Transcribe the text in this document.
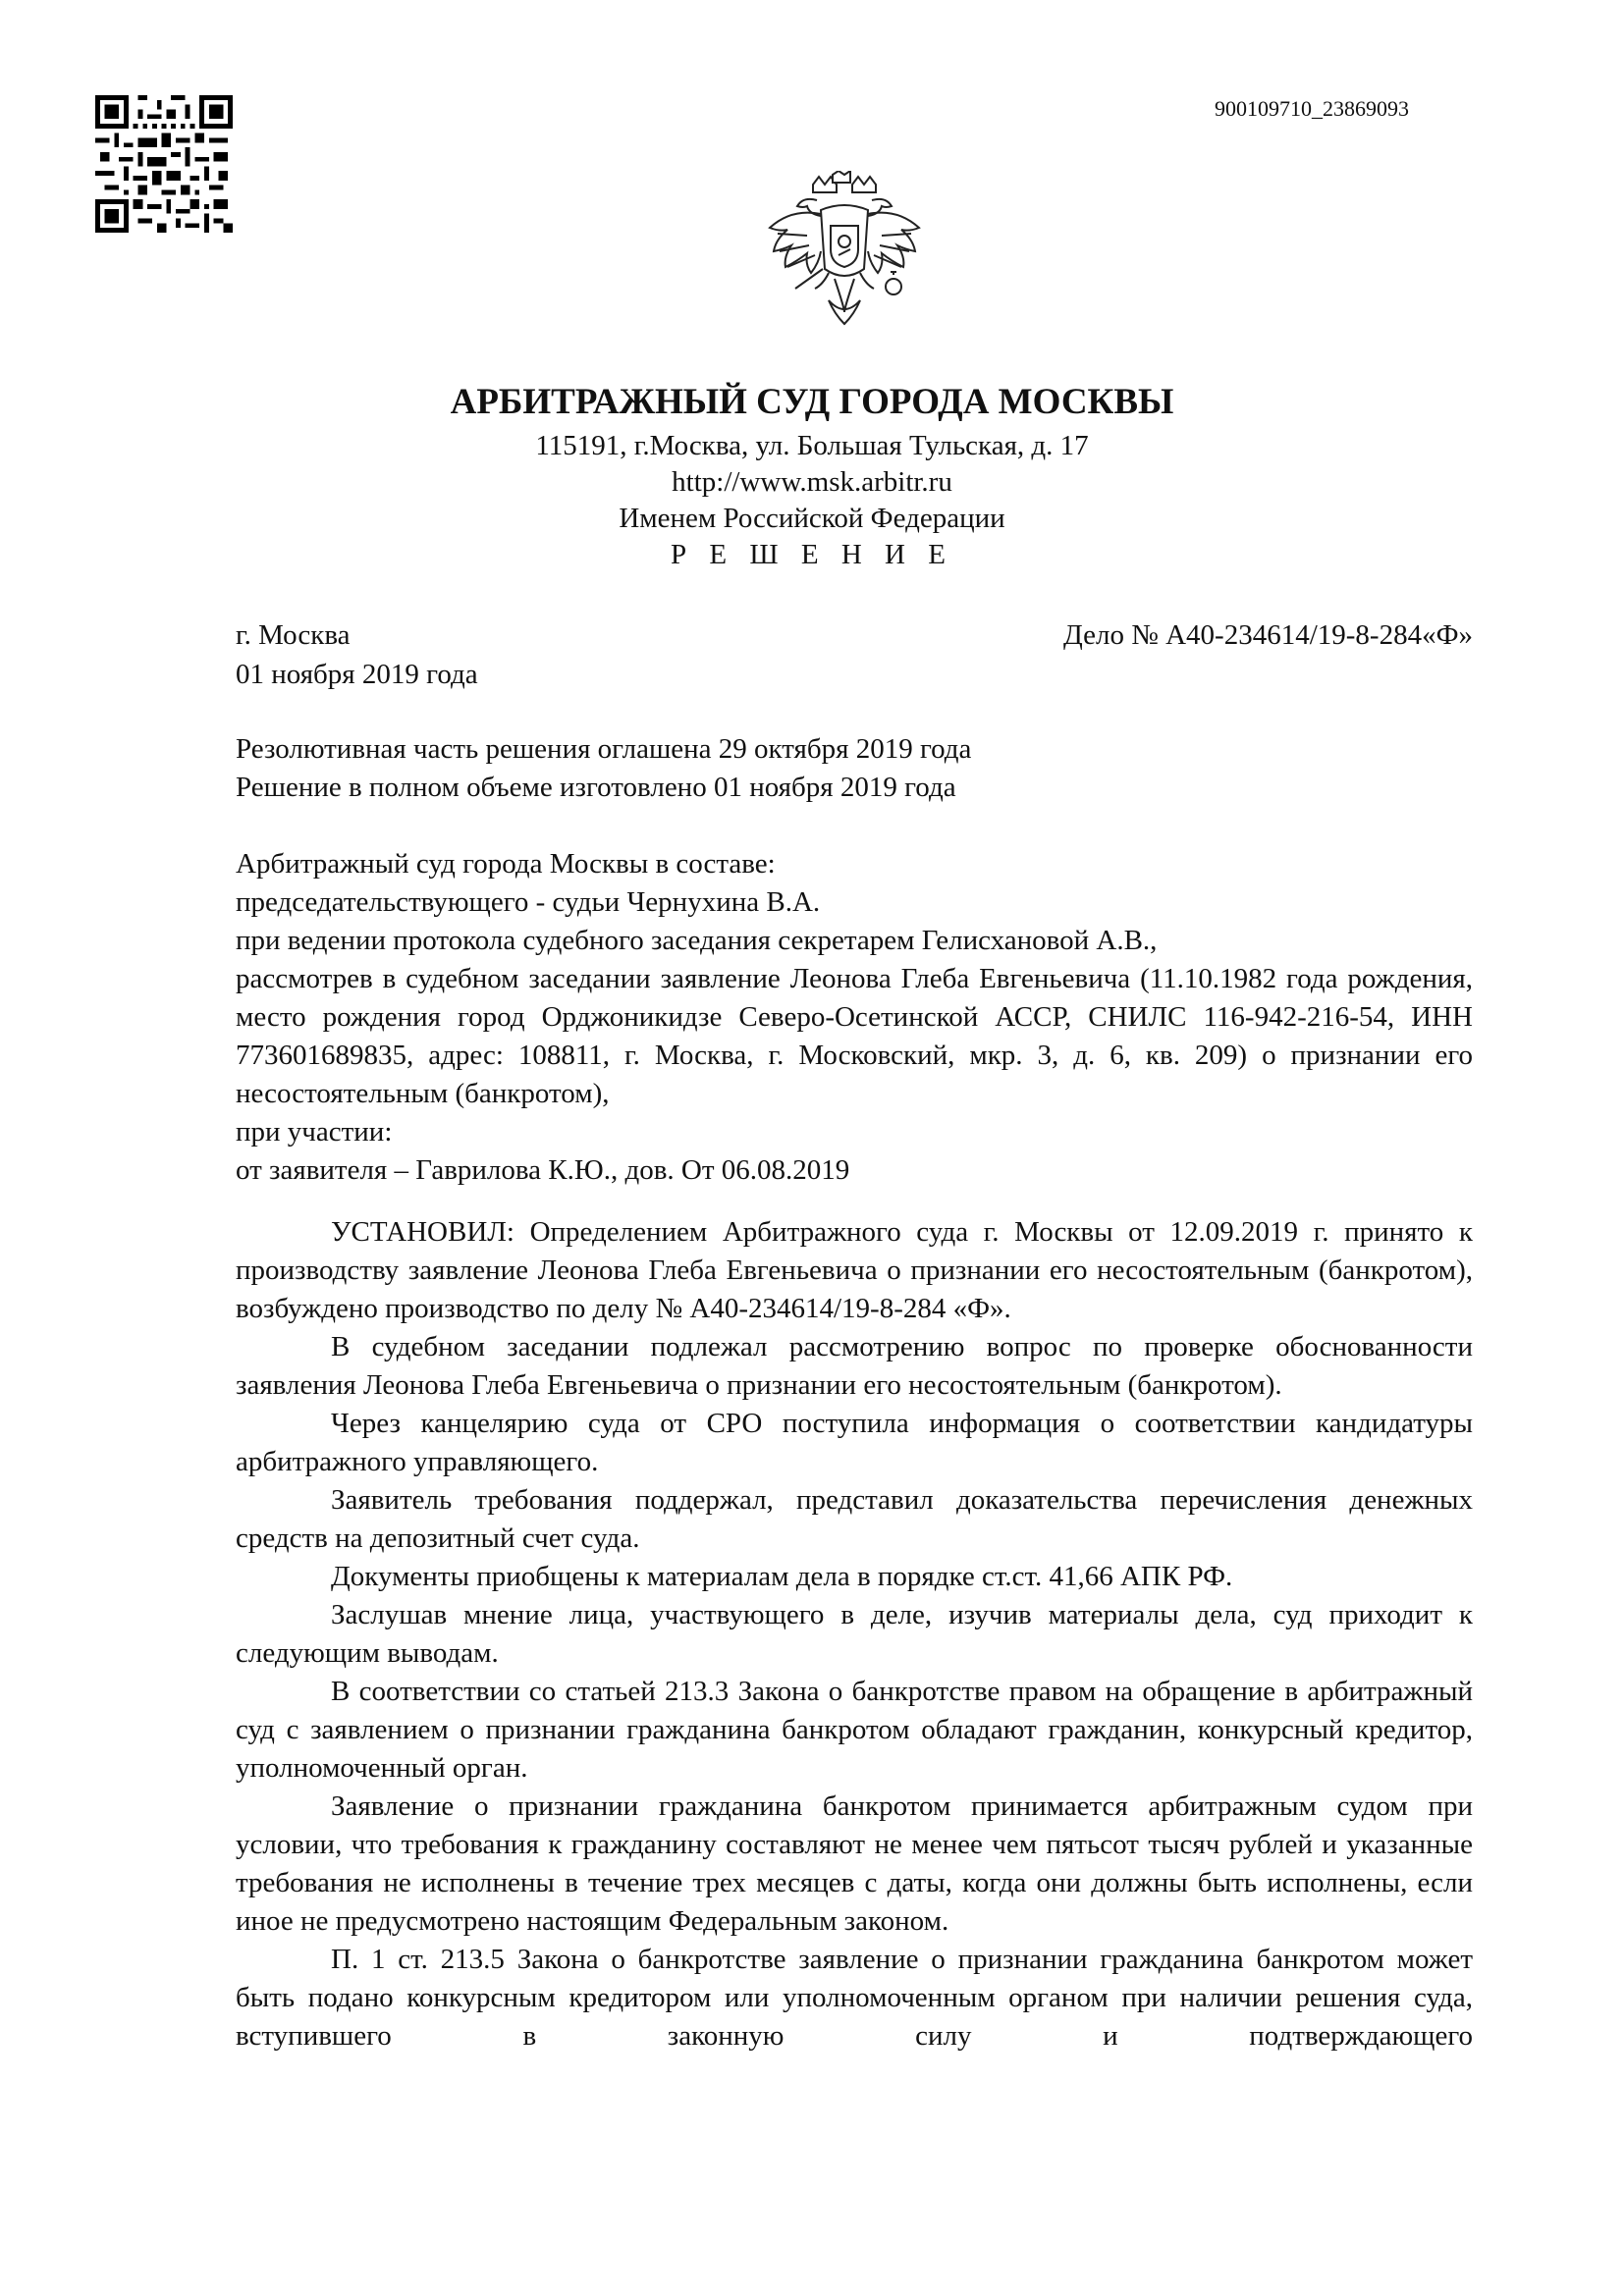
900109710_23869093
АРБИТРАЖНЫЙ СУД ГОРОДА МОСКВЫ
115191, г.Москва, ул. Большая Тульская, д. 17
http://www.msk.arbitr.ru
Именем Российской Федерации
Р Е Ш Е Н И Е
г. Москва
01 ноября 2019 года
Дело № А40-234614/19-8-284«Ф»

Резолютивная часть решения оглашена 29 октября 2019 года

Решение в полном объеме изготовлено 01 ноября 2019 года

Арбитражный суд города Москвы в составе:

председательствующего - судьи Чернухина В.А.

при ведении протокола судебного заседания секретарем Гелисхановой А.В.,

рассмотрев в судебном заседании заявление Леонова Глеба Евгеньевича (11.10.1982 года рождения, место рождения город Орджоникидзе Северо-Осетинской АССР, СНИЛС 116-942-216-54, ИНН 773601689835, адрес: 108811, г. Москва, г. Московский, мкр. 3, д. 6, кв. 209) о признании его несостоятельным (банкротом),

при участии:

от заявителя – Гаврилова К.Ю., дов. От 06.08.2019

УСТАНОВИЛ: Определением Арбитражного суда г. Москвы от 12.09.2019 г. принято к производству заявление Леонова Глеба Евгеньевича о признании его несостоятельным (банкротом), возбуждено производство по делу № А40-234614/19-8-284 «Ф».

В судебном заседании подлежал рассмотрению вопрос по проверке обоснованности заявления Леонова Глеба Евгеньевича о признании его несостоятельным (банкротом).

Через канцелярию суда от СРО поступила информация о соответствии кандидатуры арбитражного управляющего.

Заявитель требования поддержал, представил доказательства перечисления денежных средств на депозитный счет суда.

Документы приобщены к материалам дела в порядке ст.ст. 41,66 АПК РФ.

Заслушав мнение лица, участвующего в деле, изучив материалы дела, суд приходит к следующим выводам.

В соответствии со статьей 213.3 Закона о банкротстве правом на обращение в арбитражный суд с заявлением о признании гражданина банкротом обладают гражданин, конкурсный кредитор, уполномоченный орган.

Заявление о признании гражданина банкротом принимается арбитражным судом при условии, что требования к гражданину составляют не менее чем пятьсот тысяч рублей и указанные требования не исполнены в течение трех месяцев с даты, когда они должны быть исполнены, если иное не предусмотрено настоящим Федеральным законом.

П. 1 ст. 213.5 Закона о банкротстве заявление о признании гражданина банкротом может быть подано конкурсным кредитором или уполномоченным органом при наличии решения суда, вступившего в законную силу и подтверждающего
